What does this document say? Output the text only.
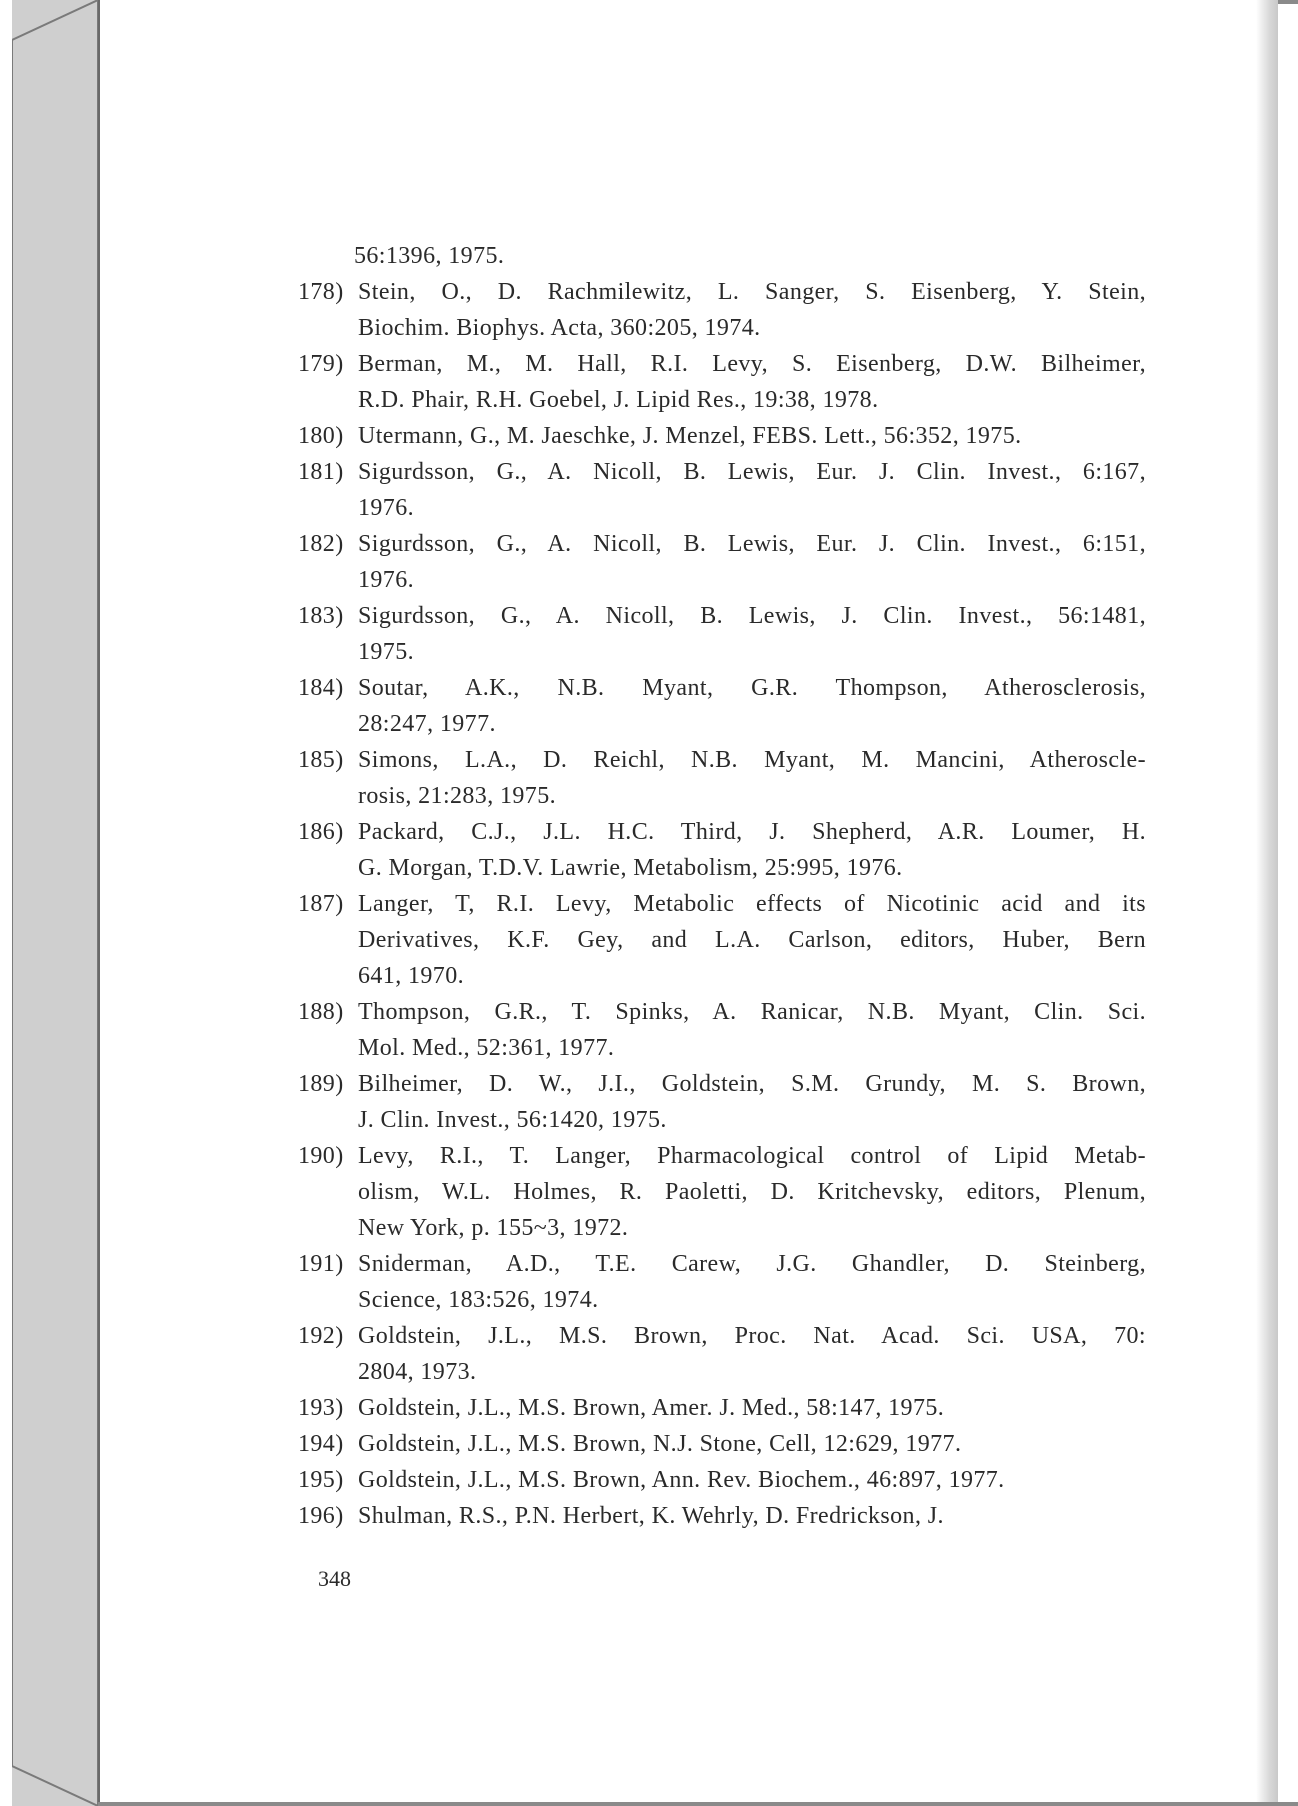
56:1396, 1975.
178) Stein, O., D. Rachmilewitz, L. Sanger, S. Eisenberg, Y. Stein,
Biochim. Biophys. Acta, 360:205, 1974.
179) Berman, M., M. Hall, R.I. Levy, S. Eisenberg, D.W. Bilheimer,
R.D. Phair, R.H. Goebel, J. Lipid Res., 19:38, 1978.
180) Utermann, G., M. Jaeschke, J. Menzel, FEBS. Lett., 56:352, 1975.
181) Sigurdsson, G., A. Nicoll, B. Lewis, Eur. J. Clin. Invest., 6:167,
1976.
182) Sigurdsson, G., A. Nicoll, B. Lewis, Eur. J. Clin. Invest., 6:151,
1976.
183) Sigurdsson, G., A. Nicoll, B. Lewis, J. Clin. Invest., 56:1481,
1975.
184) Soutar, A.K., N.B. Myant, G.R. Thompson, Atherosclerosis,
28:247, 1977.
185) Simons, L.A., D. Reichl, N.B. Myant, M. Mancini, Atheroscle-
rosis, 21:283, 1975.
186) Packard, C.J., J.L. H.C. Third, J. Shepherd, A.R. Loumer, H.
G. Morgan, T.D.V. Lawrie, Metabolism, 25:995, 1976.
187) Langer, T, R.I. Levy, Metabolic effects of Nicotinic acid and its
Derivatives, K.F. Gey, and L.A. Carlson, editors, Huber, Bern
641, 1970.
188) Thompson, G.R., T. Spinks, A. Ranicar, N.B. Myant, Clin. Sci.
Mol. Med., 52:361, 1977.
189) Bilheimer, D. W., J.I., Goldstein, S.M. Grundy, M. S. Brown,
J. Clin. Invest., 56:1420, 1975.
190) Levy, R.I., T. Langer, Pharmacological control of Lipid Metab-
olism, W.L. Holmes, R. Paoletti, D. Kritchevsky, editors, Plenum,
New York, p. 155~3, 1972.
191) Sniderman, A.D., T.E. Carew, J.G. Ghandler, D. Steinberg,
Science, 183:526, 1974.
192) Goldstein, J.L., M.S. Brown, Proc. Nat. Acad. Sci. USA, 70:
2804, 1973.
193) Goldstein, J.L., M.S. Brown, Amer. J. Med., 58:147, 1975.
194) Goldstein, J.L., M.S. Brown, N.J. Stone, Cell, 12:629, 1977.
195) Goldstein, J.L., M.S. Brown, Ann. Rev. Biochem., 46:897, 1977.
196) Shulman, R.S., P.N. Herbert, K. Wehrly, D. Fredrickson, J.
348
